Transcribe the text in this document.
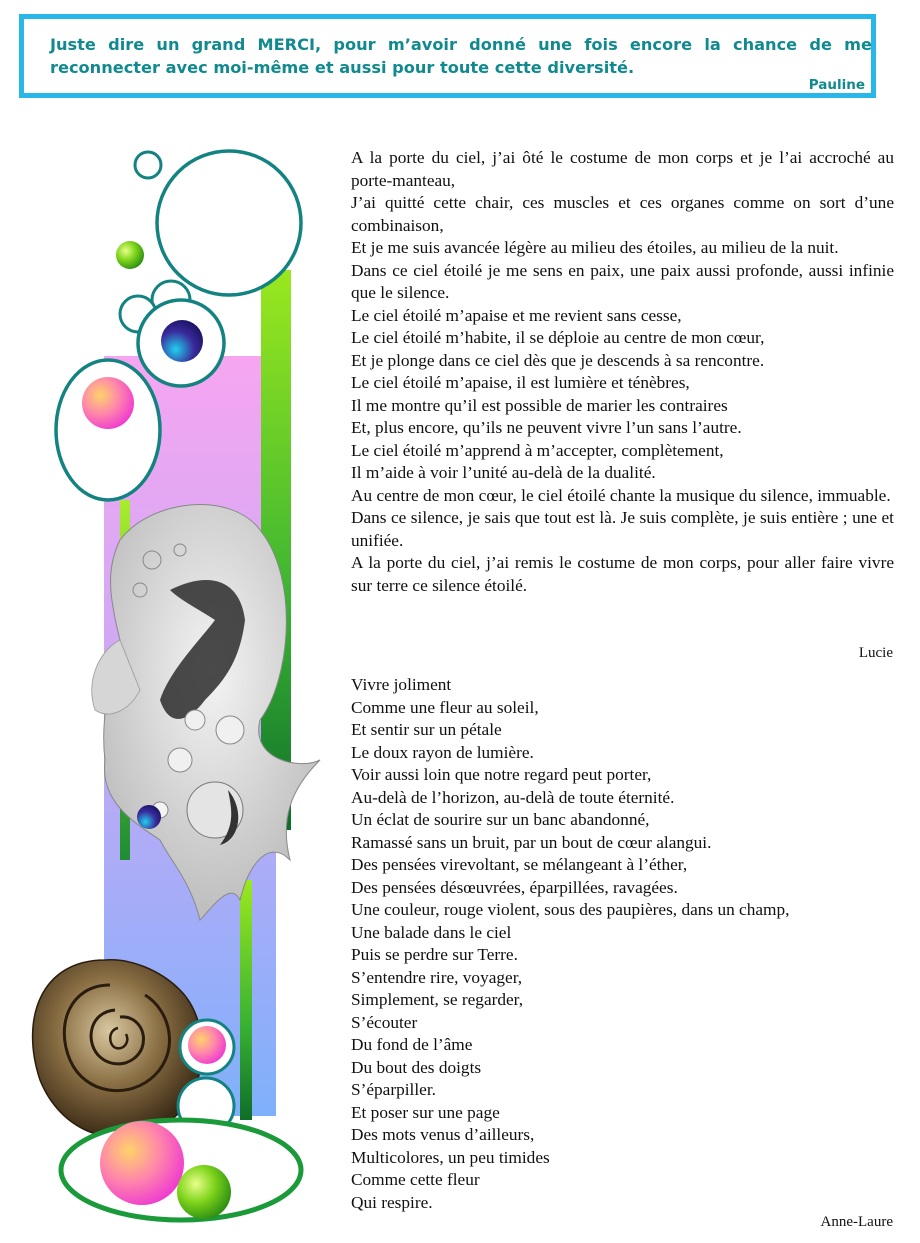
Juste dire un grand MERCI, pour m’avoir donné une fois encore la chance de me reconnecter avec moi-même et aussi pour toute cette diversité.
Pauline
A la porte du ciel, j’ai ôté le costume de mon corps et je l’ai accroché au porte-manteau,
J’ai quitté cette chair, ces muscles et ces organes comme on sort d’une combinaison,
Et je me suis avancée légère au milieu des étoiles, au milieu de la nuit.
Dans ce ciel étoilé je me sens en paix, une paix aussi profonde, aussi infinie que le silence.
Le ciel étoilé m’apaise et me revient sans cesse,
Le ciel étoilé m’habite, il se déploie au centre de mon cœur,
Et je plonge dans ce ciel dès que je descends à sa rencontre.
Le ciel étoilé m’apaise, il est lumière et ténèbres,
Il me montre qu’il est possible de marier les contraires
Et, plus encore, qu’ils ne peuvent vivre l’un sans l’autre.
Le ciel étoilé m’apprend à m’accepter, complètement,
Il m’aide à voir l’unité au-delà de la dualité.
Au centre de mon cœur, le ciel étoilé chante la musique du silence, immuable.
Dans ce silence, je sais que tout est là. Je suis complète, je suis entière ; une et unifiée.
A la porte du ciel, j’ai remis le costume de mon corps, pour aller faire vivre sur terre ce silence étoilé.
Lucie
Vivre joliment
Comme une fleur au soleil,
Et sentir sur un pétale
Le doux rayon de lumière.
Voir aussi loin que notre regard peut porter,
Au-delà de l’horizon, au-delà de toute éternité.
Un éclat de sourire sur un banc abandonné,
Ramassé sans un bruit, par un bout de cœur alangui.
Des pensées virevoltant, se mélangeant à l’éther,
Des pensées désœuvrées, éparpillées, ravagées.
Une couleur, rouge violent, sous des paupières, dans un champ,
Une balade dans le ciel
Puis se perdre sur Terre.
S’entendre rire, voyager,
Simplement, se regarder,
S’écouter
Du fond de l’âme
Du bout des doigts
S’éparpiller.
Et poser sur une page
Des mots venus d’ailleurs,
Multicolores, un peu timides
Comme cette fleur
Qui respire.
Anne-Laure
